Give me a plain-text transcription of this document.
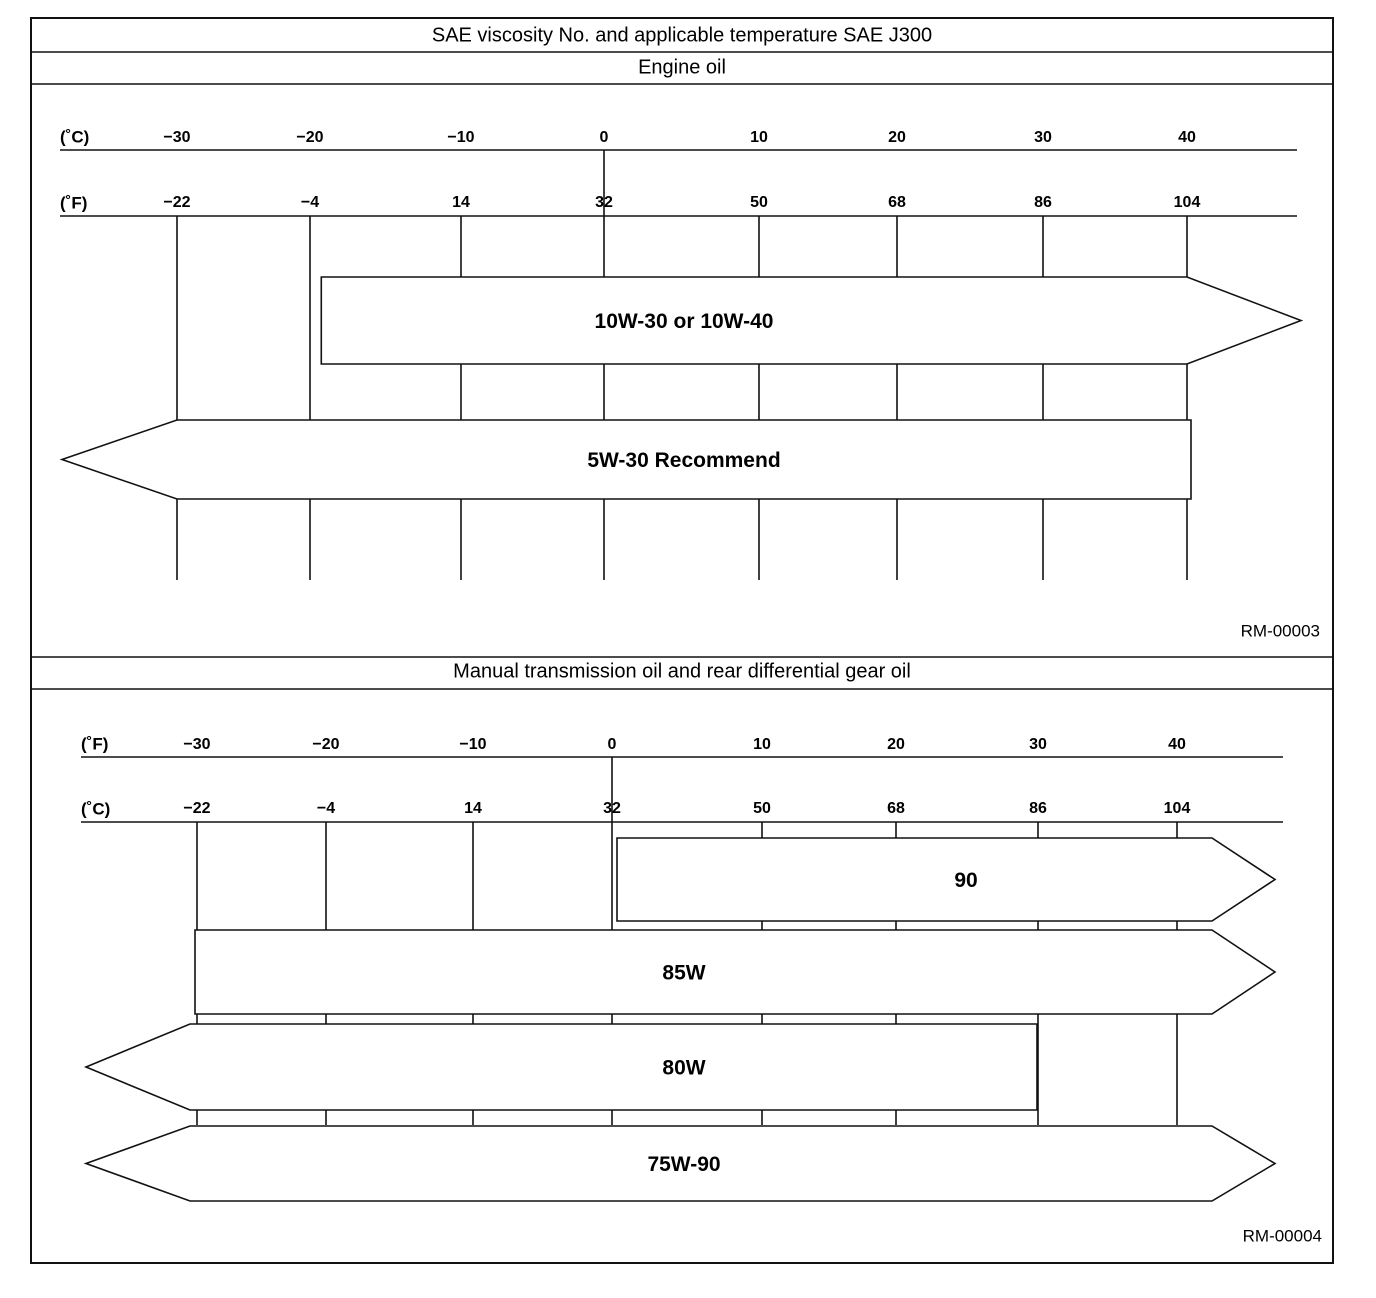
SAE viscosity No. and applicable temperature SAE J300
Engine oil
Manual transmission oil and rear differential gear oil
(˚C)
(˚F)
−30	−20	−10	0	10	20	30	40
−22	−4	14	32	50	68	86	104
10W-30 or 10W-40
5W-30 Recommend
RM-00003
(˚F)
(˚C)
−30	−20	−10	0	10	20	30	40
−22	−4	14	32	50	68	86	104
90
85W
80W
75W-90
RM-00004
